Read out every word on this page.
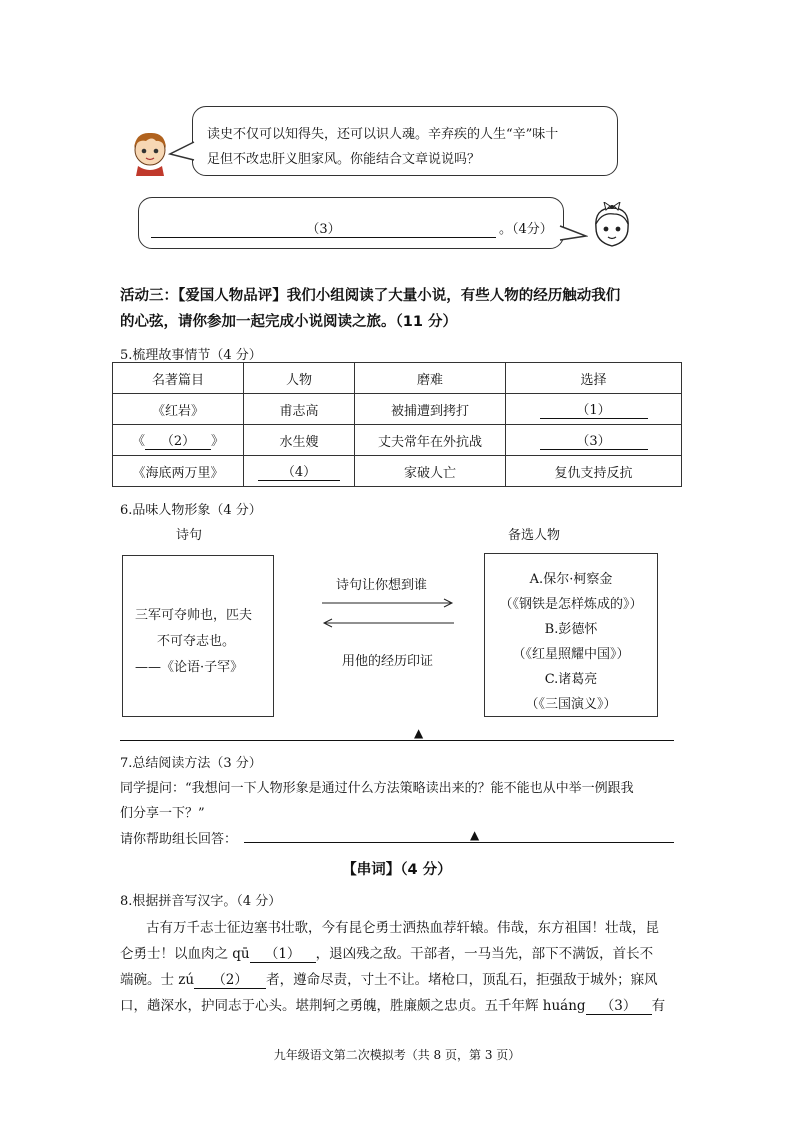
读史不仅可以知得失，还可以识人魂。辛弃疾的人生“辛”味十

足但不改忠肝义胆家风。你能结合文章说说吗？

（3）	。（4分）

活动三：【爱国人物品评】我们小组阅读了大量小说，有些人物的经历触动我们

的心弦，请你参加一起完成小说阅读之旅。（11 分）

5.梳理故事情节（4 分）

名著篇目	人物	磨难	选择
《红岩》	甫志高	被捕遭到拷打	（1）
《 （2） 》	水生嫂	丈夫常年在外抗战	（3）
《海底两万里》	（4）	家破人亡	复仇支持反抗

6.品味人物形象（4 分）

诗句	备选人物

三军可夺帅也，匹夫

不可夺志也。

——《论语·子罕》

诗句让你想到谁

用他的经历印证

A.保尔·柯察金

（《钢铁是怎样炼成的》）

B.彭德怀

（《红星照耀中国》）

C.诸葛亮

（《三国演义》）

▲

7.总结阅读方法（3 分）

同学提问：“我想问一下人物形象是通过什么方法策略读出来的？能不能也从中举一例跟我

们分享一下？”

请你帮助组长回答：	▲

【串词】（4 分）

8.根据拼音写汉字。（4 分）

古有万千志士征边塞书壮歌，今有昆仑勇士洒热血荐轩辕。伟哉，东方祖国！壮哉，昆

仑勇士！以血肉之 qū （1） ，退凶残之敌。干部者，一马当先，部下不满饭，首长不

端碗。士 zú （2） 者，遵命尽责，寸土不让。堵枪口，顶乱石，拒强敌于城外；寐风

口，趟深水，护同志于心头。堪荆轲之勇魄，胜廉颇之忠贞。五千年辉 huáng （3） 有

九年级语文第二次模拟考（共 8 页，第 3 页）
